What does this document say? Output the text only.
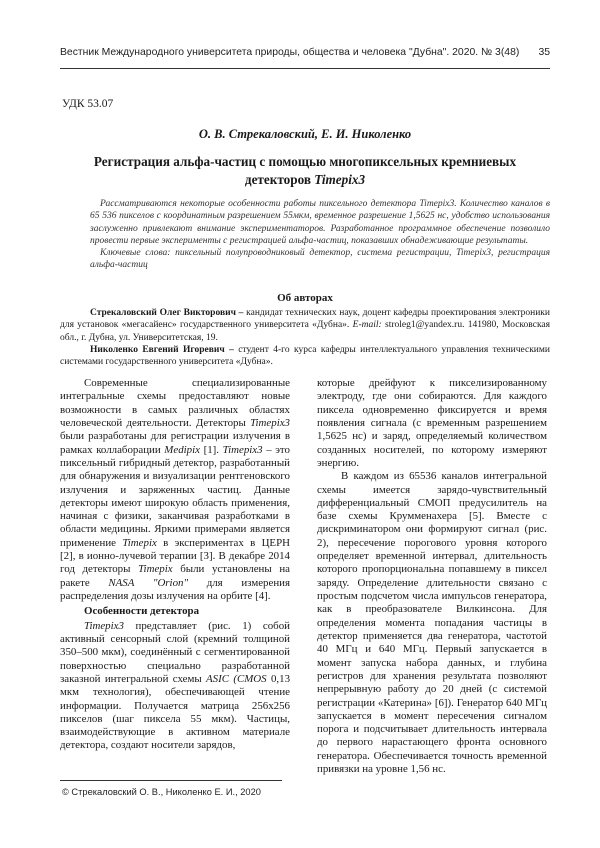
Вестник Международного университета природы, общества и человека "Дубна". 2020. № 3(48) 35
УДК 53.07
О. В. Стрекаловский, Е. И. Николенко
Регистрация альфа-частиц с помощью многопиксельных кремниевых
детекторов Timepix3

Рассматриваются некоторые особенности работы пиксельного детектора Timepix3. Количество каналов в 65 536 пикселов с координатным разрешением 55мкм, временное разрешение 1,5625 нс, удобство использования заслуженно привлекают внимание экспериментаторов. Разработанное программное обеспечение позволило провести первые эксперименты с регистрацией альфа-частиц, показавших обнадеживающие результаты.

Ключевые слова: пиксельный полупроводниковый детектор, система регистрации, Timepix3, регистрация альфа-частиц

Об авторах

Стрекаловский Олег Викторович – кандидат технических наук, доцент кафедры проектирования электроники для установок «мегасайенс» государственного университета «Дубна». E-mail: stroleg1@yandex.ru. 141980, Московская обл., г. Дубна, ул. Университетская, 19.

Николенко Евгений Игоревич – студент 4-го курса кафедры интеллектуального управления техническими системами государственного университета «Дубна».

Современные специализированные интегральные схемы предоставляют новые возможности в самых различных областях человеческой деятельности. Детекторы Timepix3 были разработаны для регистрации излучения в рамках коллаборации Medipix [1]. Timepix3 – это пиксельный гибридный детектор, разработанный для обнаружения и визуализации рентгеновского излучения и заряженных частиц. Данные детекторы имеют широкую область применения, начиная с физики, заканчивая разработками в области медицины. Яркими примерами является применение Timepix в экспериментах в ЦЕРН [2], в ионно-лучевой терапии [3]. В декабре 2014 год детекторы Timepix были установлены на ракете NASA "Orion" для измерения распределения дозы излучения на орбите [4].

Особенности детектора

Timepix3 представляет (рис. 1) собой активный сенсорный слой (кремний толщиной 350–500 мкм), соединённый с сегментированной поверхностью специально разработанной заказной интегральной схемы ASIC (CMOS 0,13 мкм технология), обеспечивающей чтение информации. Получается матрица 256x256 пикселов (шаг пиксела 55 мкм). Частицы, взаимодействующие в активном материале детектора, создают носители зарядов,

которые дрейфуют к пикселизированному электроду, где они собираются. Для каждого пиксела одновременно фиксируется и время появления сигнала (с временным разрешением 1,5625 нс) и заряд, определяемый количеством созданных носителей, по которому измеряют энергию.

В каждом из 65536 каналов интегральной схемы имеется зарядо-чувствительный дифференциальный СМОП предусилитель на базе схемы Крумменахера [5]. Вместе с дискриминатором они формируют сигнал (рис. 2), пересечение порогового уровня которого определяет временной интервал, длительность которого пропорциональна попавшему в пиксел заряду. Определение длительности связано с простым подсчетом числа импульсов генератора, как в преобразователе Вилкинсона. Для определения момента попадания частицы в детектор применяется два генератора, частотой 40 МГц и 640 МГц. Первый запускается в момент запуска набора данных, и глубина регистров для хранения результата позволяют непрерывную работу до 20 дней (с системой регистрации «Катерина» [6]). Генератор 640 МГц запускается в момент пересечения сигналом порога и подсчитывает длительность интервала до первого нарастающего фронта основного генератора. Обеспечивается точность временной привязки на уровне 1,56 нс.

© Стрекаловский О. В., Николенко Е. И., 2020
